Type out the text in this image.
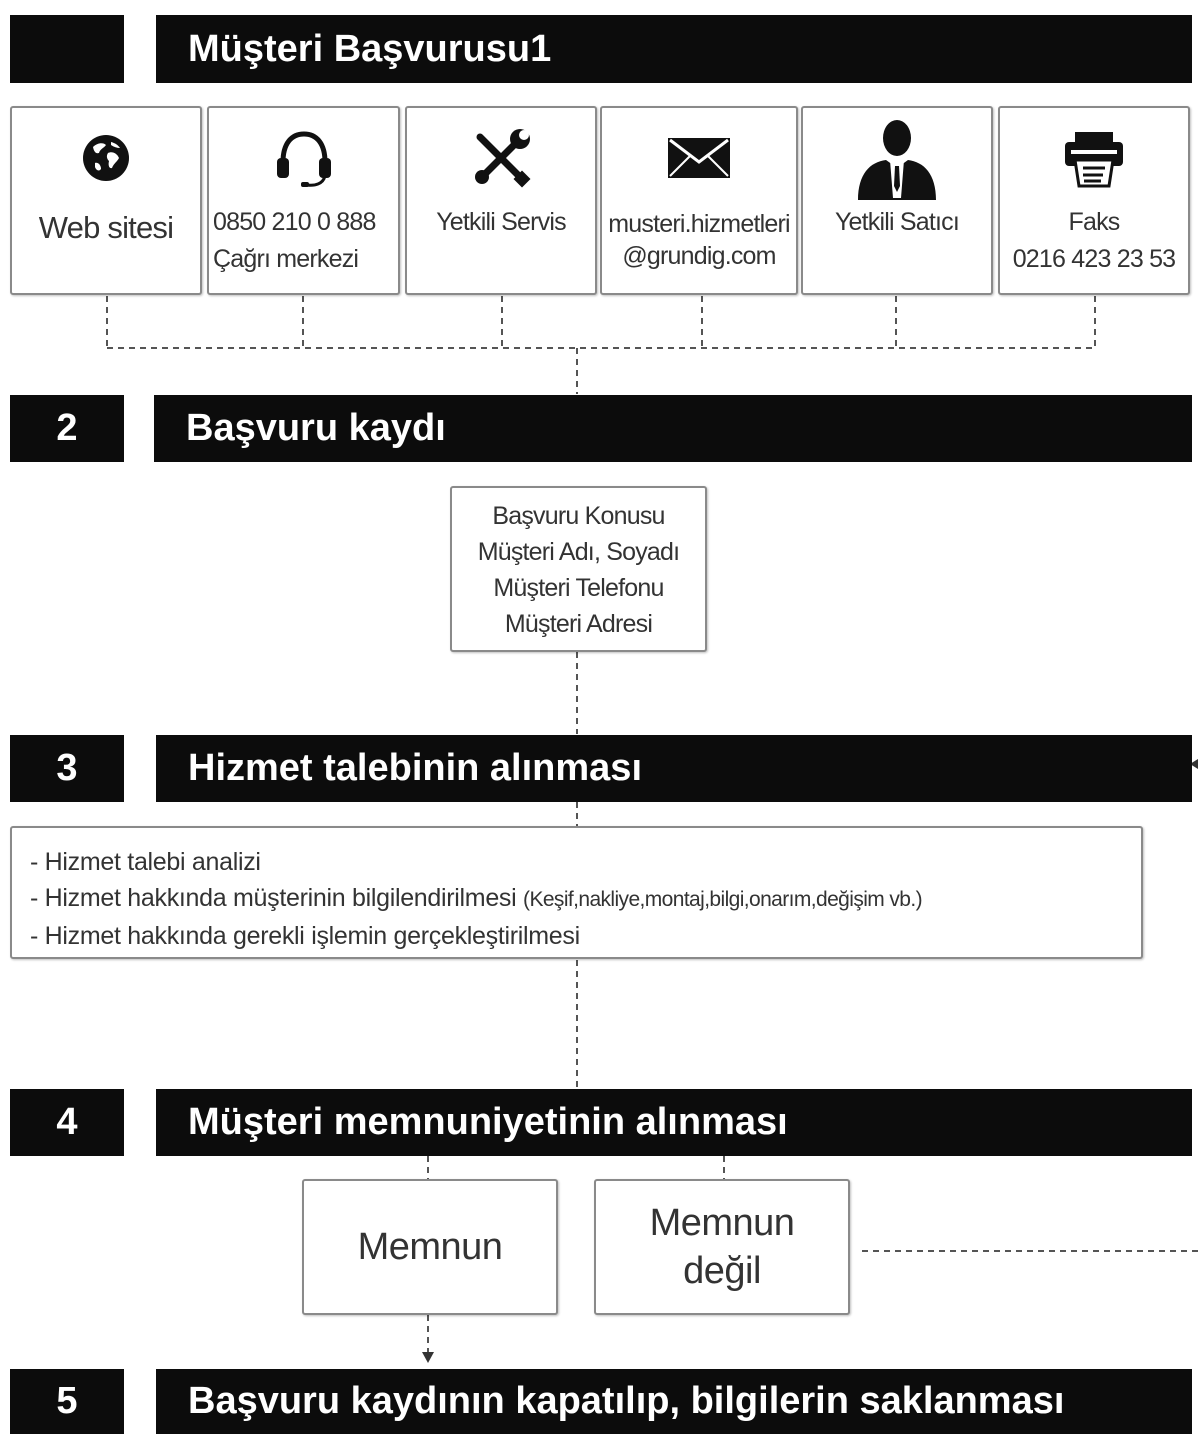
Müşteri Başvurusu1
Web sitesi	0850 210 0 888
Çağrı merkezi
Yetkili Servis	musteri.hizmetleri
@grundig.com
Yetkili Satıcı	Faks
0216 423 23 53
2	Başvuru kaydı
Başvuru Konusu
Müşteri Adı, Soyadı
Müşteri Telefonu
Müşteri Adresi
3	Hizmet talebinin alınması
- Hizmet talebi analizi
- Hizmet hakkında müşterinin bilgilendirilmesi (Keşif,nakliye,montaj,bilgi,onarım,değişim vb.)
- Hizmet hakkında gerekli işlemin gerçekleştirilmesi
4	Müşteri memnuniyetinin alınması
Memnun
Memnun
değil
5	Başvuru kaydının kapatılıp, bilgilerin saklanması
